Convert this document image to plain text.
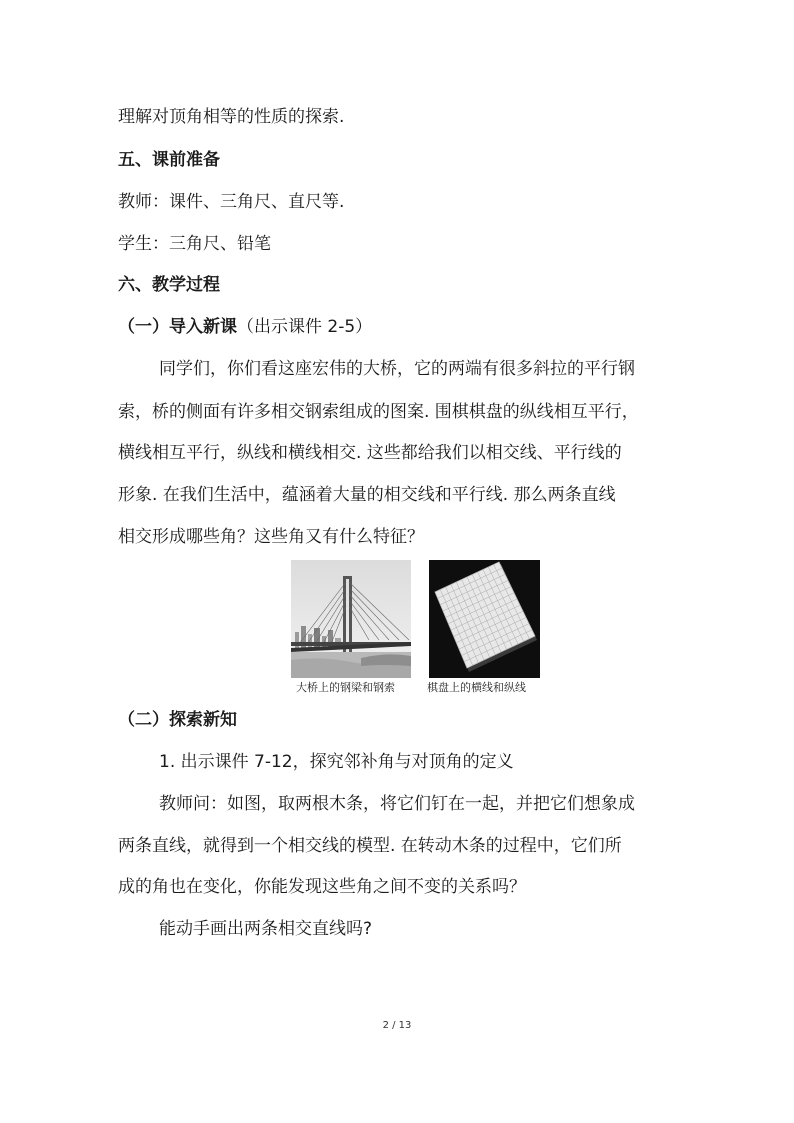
理解对顶角相等的性质的探索.
五、课前准备
教师：课件、三角尺、直尺等.
学生：三角尺、铅笔
六、教学过程
（一）导入新课（出示课件 2-5）
同学们，你们看这座宏伟的大桥，它的两端有很多斜拉的平行钢
索，桥的侧面有许多相交钢索组成的图案. 围棋棋盘的纵线相互平行，
横线相互平行，纵线和横线相交. 这些都给我们以相交线、平行线的
形象. 在我们生活中，蕴涵着大量的相交线和平行线. 那么两条直线
相交形成哪些角？这些角又有什么特征？
大桥上的钢梁和钢索	棋盘上的横线和纵线
（二）探索新知
1. 出示课件 7-12，探究邻补角与对顶角的定义
教师问：如图，取两根木条，将它们钉在一起，并把它们想象成
两条直线，就得到一个相交线的模型. 在转动木条的过程中，它们所
成的角也在变化，你能发现这些角之间不变的关系吗？
能动手画出两条相交直线吗?
2 / 13
